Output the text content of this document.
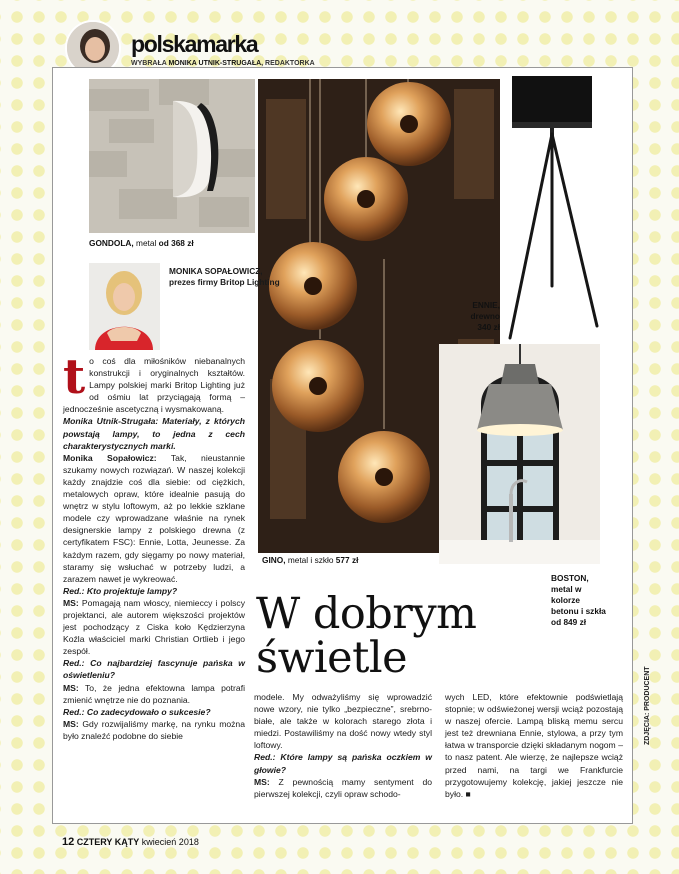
polskamarka
WYBRAŁA MONIKA UTNIK-STRUGAŁA, REDAKTORKA
GONDOLA, metal od 368 zł
GINO, metal i szkło 577 zł
ENNIE,
drewno
340 zł
BOSTON,
metal w kolorze betonu i szkła
od 849 zł
MONIKA SOPAŁOWICZ,
prezes firmy Britop Lighting
W dobrym
świetle

t o coś dla miłośników niebanalnych konstrukcji i oryginalnych kształtów. Lampy polskiej marki Britop Lighting już od ośmiu lat przyciągają formą – jednocześnie ascetyczną i wysmakowaną.

Monika Utnik-Strugała: Materiały, z których powstają lampy, to jedna z cech charakterystycznych marki.

Monika Sopałowicz: Tak, nieustannie szukamy nowych rozwiązań. W naszej kolekcji każdy znajdzie coś dla siebie: od ciężkich, metalowych opraw, które idealnie pasują do wnętrz w stylu loftowym, aż po lekkie szklane modele czy wprowadzane właśnie na rynek designerskie lampy z polskiego drewna (z certyfikatem FSC): Ennie, Lotta, Jeunesse. Za każdym razem, gdy sięgamy po nowy materiał, staramy się wsłuchać w potrzeby ludzi, a zarazem nawet je wykreować.

Red.: Kto projektuje lampy?

MS: Pomagają nam włoscy, niemieccy i polscy projektanci, ale autorem większości projektów jest pochodzący z Ciska koło Kędzierzyna Koźla właściciel marki Christian Ortlieb i jego zespół.

Red.: Co najbardziej fascynuje pańska w oświetleniu?

MS: To, że jedna efektowna lampa potrafi zmienić wnętrze nie do poznania.

Red.: Co zadecydowało o sukcesie?

MS: Gdy rozwijaliśmy markę, na rynku można było znaleźć podobne do siebie

modele. My odważyliśmy się wprowadzić nowe wzory, nie tylko „bezpieczne”, srebrno-białe, ale także w kolorach starego złota i miedzi. Postawiliśmy na dość nowy wtedy styl loftowy.

Red.: Które lampy są pańska oczkiem w głowie?

MS: Z pewnością mamy sentyment do pierwszej kolekcji, czyli opraw schodo-

wych LED, które efektownie podświetlają stopnie; w odświeżonej wersji wciąż pozostają w naszej ofercie. Lampą bliską memu sercu jest też drewniana Ennie, stylowa, a przy tym łatwa w transporcie dzięki składanym nogom – to nasz patent. Ale wierzę, że najlepsze wciąż przed nami, na targi we Frankfurcie przygotowujemy kolekcję, jakiej jeszcze nie było. ■

ZDJĘCIA: PRODUCENT
12 CZTERY KĄTY kwiecień 2018
